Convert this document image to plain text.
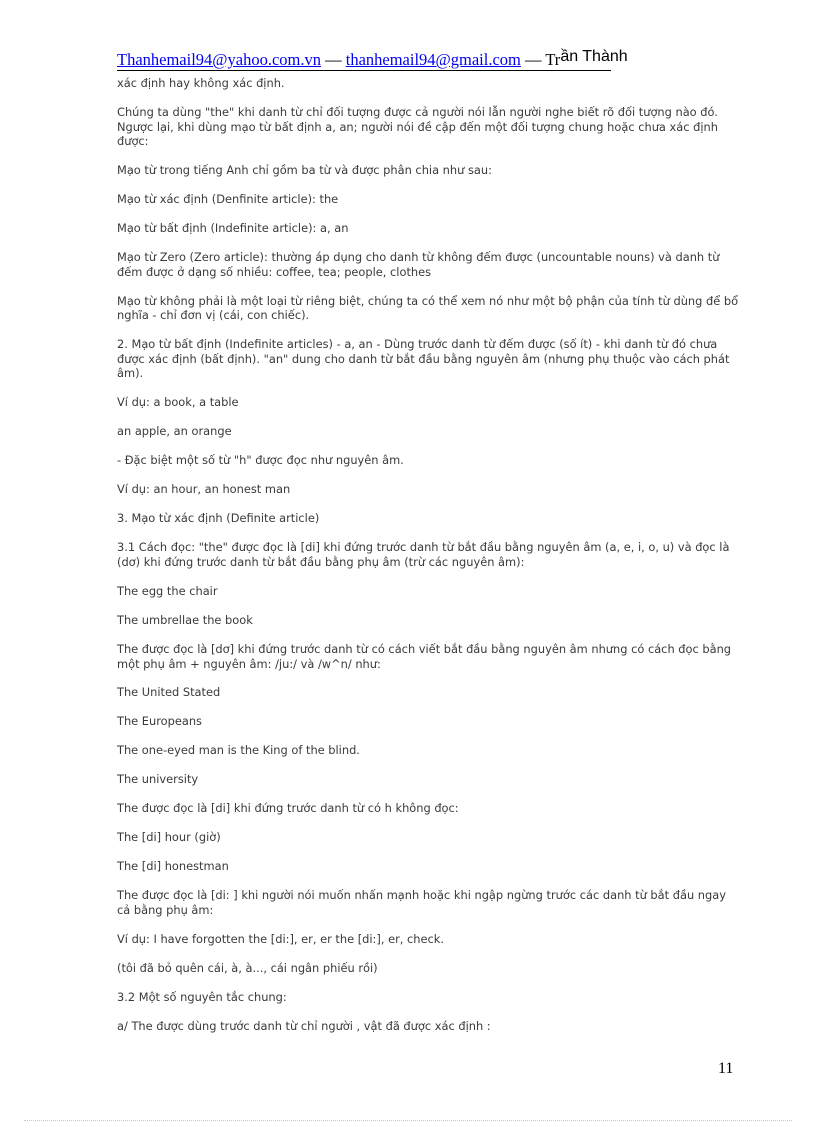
Thanhemail94@yahoo.com.vn — thanhemail94@gmail.com — Trần Thành

xác định hay không xác định.

Chúng ta dùng "the" khi danh từ chỉ đối tượng được cả người nói lẫn người nghe biết rõ đối tượng nào đó. Ngược lại, khi dùng mạo từ bất định a, an; người nói đề cập đến một đối tượng chung hoặc chưa xác định được:

Mạo từ trong tiếng Anh chỉ gồm ba từ và được phân chia như sau:

Mạo từ xác định (Denfinite article): the

Mạo từ bất định (Indefinite article): a, an

Mạo từ Zero (Zero article): thường áp dụng cho danh từ không đếm được (uncountable nouns) và danh từ đếm được ở dạng số nhiều: coffee, tea; people, clothes

Mạo từ không phải là một loại từ riêng biệt, chúng ta có thể xem nó như một bộ phận của tính từ dùng để bổ nghĩa - chỉ đơn vị (cái, con chiếc).

2. Mạo từ bất định (Indefinite articles) - a, an - Dùng trước danh từ đếm được (số ít) - khi danh từ đó chưa được xác định (bất định). "an" dung cho danh từ bắt đầu bằng nguyên âm (nhưng phụ thuộc vào cách phát âm).

Ví dụ: a book, a table

an apple, an orange

- Đặc biệt một số từ "h" được đọc như nguyên âm.

Ví dụ: an hour, an honest man

3. Mạo từ xác định (Definite article)

3.1 Cách đọc: "the" được đọc là [di] khi đứng trước danh từ bắt đầu bằng nguyên âm (a, e, i, o, u) và đọc là (dơ) khi đứng trước danh từ bắt đầu bằng phụ âm (trừ các nguyên âm):

The egg the chair

The umbrellae the book

The được đọc là [dơ] khi đứng trước danh từ có cách viết bắt đầu bằng nguyên âm nhưng có cách đọc bằng một phụ âm + nguyên âm: /ju:/ và /w^n/ như:

The United Stated

The Europeans

The one-eyed man is the King of the blind.

The university

The được đọc là [di] khi đứng trước danh từ có h không đọc:

The [di] hour (giờ)

The [di] honestman

The được đọc là [di: ] khi người nói muốn nhấn mạnh hoặc khi ngập ngừng trước các danh từ bắt đầu ngay cả bằng phụ âm:

Ví dụ: I have forgotten the [di:], er, er the [di:], er, check.

(tôi đã bỏ quên cái, à, à..., cái ngân phiếu rồi)

3.2 Một số nguyên tắc chung:

a/ The được dùng trước danh từ chỉ người , vật đã được xác định :

11
